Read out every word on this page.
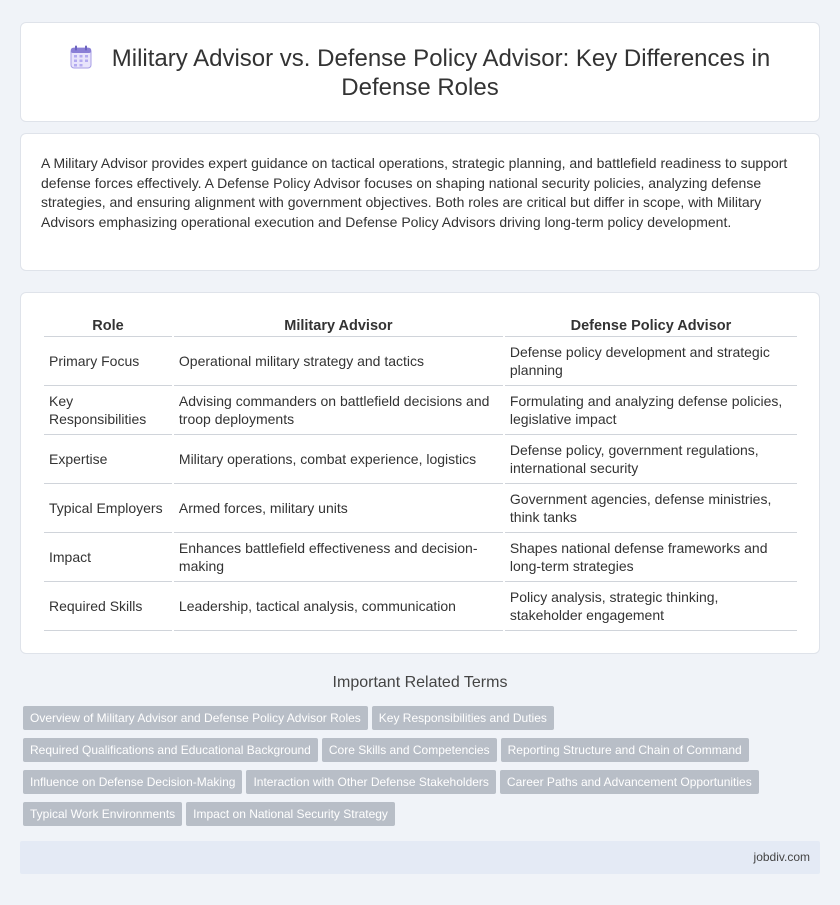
Military Advisor vs. Defense Policy Advisor: Key Differences in Defense Roles

A Military Advisor provides expert guidance on tactical operations, strategic planning, and battlefield readiness to support defense forces effectively. A Defense Policy Advisor focuses on shaping national security policies, analyzing defense strategies, and ensuring alignment with government objectives. Both roles are critical but differ in scope, with Military Advisors emphasizing operational execution and Defense Policy Advisors driving long-term policy development.

Role	Military Advisor	Defense Policy Advisor
Primary Focus	Operational military strategy and tactics	Defense policy development and strategic planning
Key Responsibilities	Advising commanders on battlefield decisions and troop deployments	Formulating and analyzing defense policies, legislative impact
Expertise	Military operations, combat experience, logistics	Defense policy, government regulations, international security
Typical Employers	Armed forces, military units	Government agencies, defense ministries, think tanks
Impact	Enhances battlefield effectiveness and decision-making	Shapes national defense frameworks and long-term strategies
Required Skills	Leadership, tactical analysis, communication	Policy analysis, strategic thinking, stakeholder engagement
Important Related Terms
Overview of Military Advisor and Defense Policy Advisor Roles Key Responsibilities and Duties
Required Qualifications and Educational Background Core Skills and Competencies Reporting Structure and Chain of Command
Influence on Defense Decision-Making Interaction with Other Defense Stakeholders Career Paths and Advancement Opportunities
Typical Work Environments Impact on National Security Strategy
jobdiv.com
